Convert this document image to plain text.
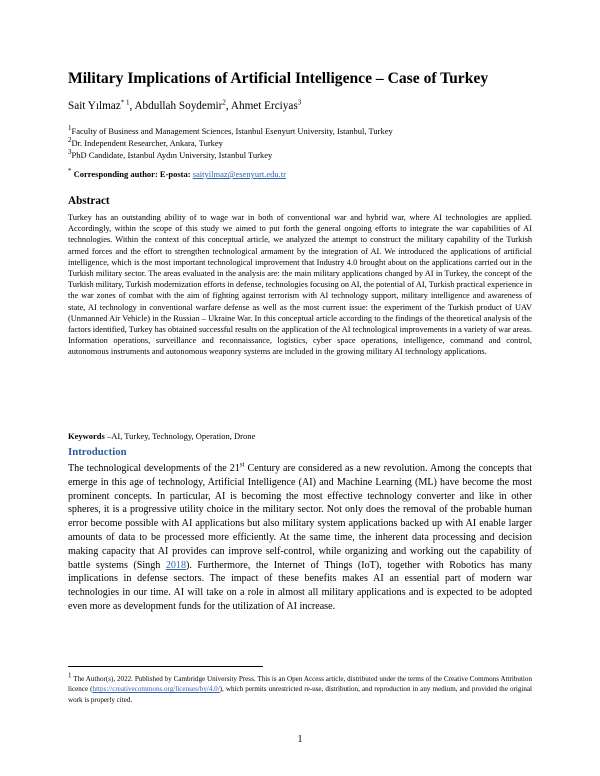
Military Implications of Artificial Intelligence – Case of Turkey
Sait Yılmaz$^{* 1}$, Abdullah Soydemir$^2$, Ahmet Erciyas$^3$
$^1$Faculty of Business and Management Sciences, Istanbul Esenyurt University, Istanbul, Turkey
$^2$Dr. Independent Researcher, Ankara, Turkey
$^3$PhD Candidate, Istanbul Aydın University, Istanbul Turkey
* Corresponding author: E-posta: saityilmaz@esenyurt.edu.tr
Abstract
Turkey has an outstanding ability of to wage war in both of conventional war and hybrid war, where AI technologies are applied. Accordingly, within the scope of this study we aimed to put forth the general ongoing efforts to integrate the war capabilities of AI technologies. Within the context of this conceptual article, we analyzed the attempt to construct the military capability of the Turkish armed forces and the effort to strengthen technological armament by the integration of AI. We introduced the applications of artificial intelligence, which is the most important technological improvement that Industry 4.0 brought about on the applications carried out in the Turkish military sector. The areas evaluated in the analysis are: the main military applications changed by AI in Turkey, the concept of the Turkish military, Turkish modernization efforts in defense, technologies focusing on AI, the potential of AI, Turkish practical experience in the war zones of combat with the aim of fighting against terrorism with AI technology support, military intelligence and awareness of state, AI technology in conventional warfare defense as well as the most current issue: the experiment of the Turkish product of UAV (Unmanned Air Vehicle) in the Russian – Ukraine War. In this conceptual article according to the findings of the theoretical analysis of the factors identified, Turkey has obtained successful results on the application of the AI technological improvements in a variety of war areas. Information operations, surveillance and reconnaissance, logistics, cyber space operations, intelligence, command and control, autonomous instruments and autonomous weaponry systems are included in the growing military AI technology applications.
Keywords –AI, Turkey, Technology, Operation, Drone
Introduction
The technological developments of the 21st Century are considered as a new revolution. Among the concepts that emerge in this age of technology, Artificial Intelligence (AI) and Machine Learning (ML) have become the most prominent concepts. In particular, AI is becoming the most effective technology converter and like in other spheres, it is a progressive utility choice in the military sector. Not only does the removal of the probable human error become possible with AI applications but also military system applications backed up with AI enable larger amounts of data to be processed more efficiently. At the same time, the inherent data processing and decision making capacity that AI provides can improve self-control, while organizing and working out the capability of battle systems (Singh 2018). Furthermore, the Internet of Things (IoT), together with Robotics has many implications in defense sectors. The impact of these benefits makes AI an essential part of modern war technologies in our time. AI will take on a role in almost all military applications and is expected to be adopted even more as development funds for the utilization of AI increase.
$^1$ The Author(s), 2022. Published by Cambridge University Press. This is an Open Access article, distributed under the terms of the Creative Commons Attribution licence (https://creativecommons.org/licenses/by/4.0/), which permits unrestricted re-use, distribution, and reproduction in any medium, and provided the original work is properly cited.
1
